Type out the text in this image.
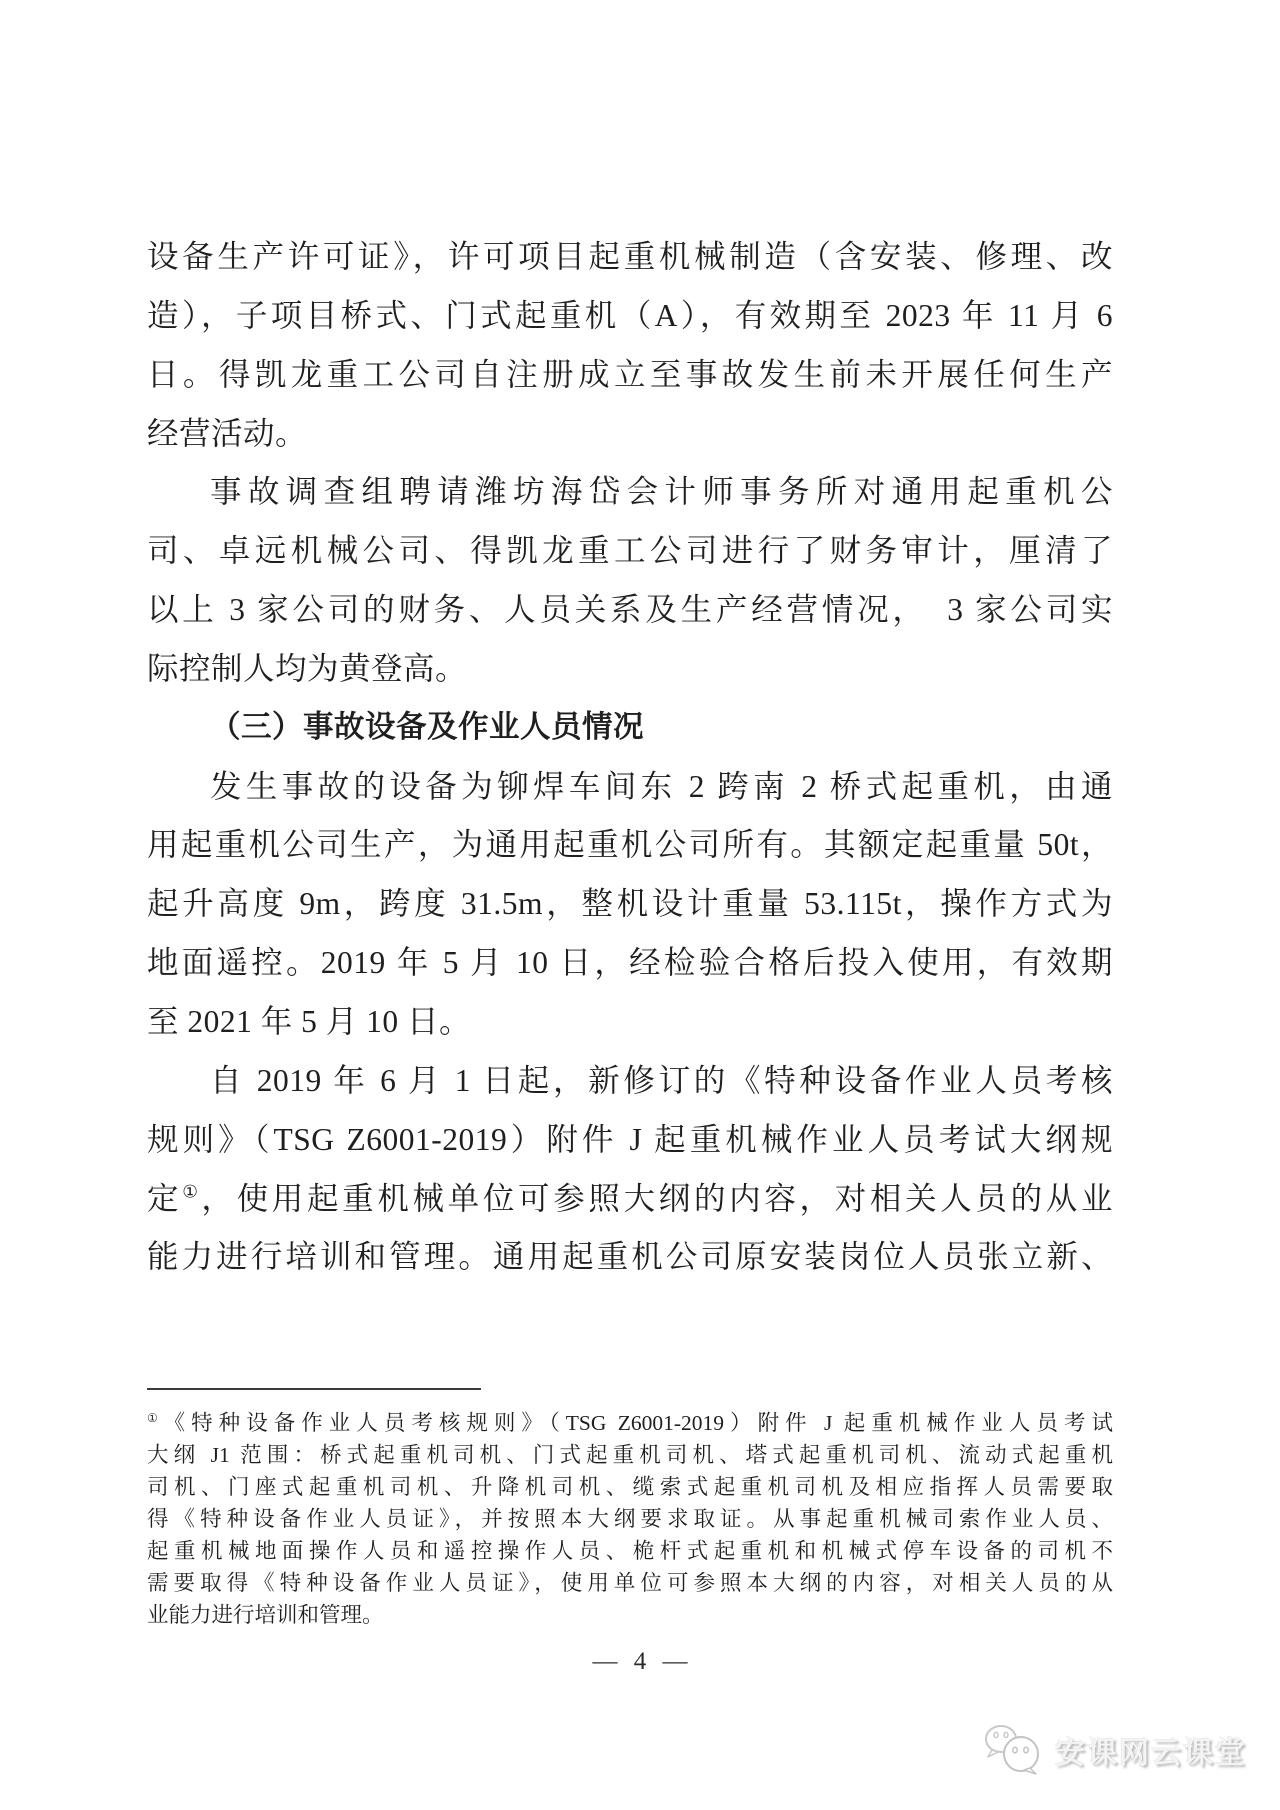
设备生产许可证》，许可项目起重机械制造（含安装、修理、改
造），子项目桥式、门式起重机（A），有效期至 2023 年 11 月 6
日。得凯龙重工公司自注册成立至事故发生前未开展任何生产
经营活动。
事故调查组聘请潍坊海岱会计师事务所对通用起重机公
司、卓远机械公司、得凯龙重工公司进行了财务审计，厘清了
以上 3 家公司的财务、人员关系及生产经营情况，　3 家公司实
际控制人均为黄登高。
（三）事故设备及作业人员情况
发生事故的设备为铆焊车间东 2 跨南 2 桥式起重机，由通
用起重机公司生产，为通用起重机公司所有。其额定起重量 50t，
起升高度 9m，跨度 31.5m，整机设计重量 53.115t，操作方式为
地面遥控。2019 年 5 月 10 日，经检验合格后投入使用，有效期
至 2021 年 5 月 10 日。
自 2019 年 6 月 1 日起，新修订的《特种设备作业人员考核
规则》（TSG Z6001-2019）附件 J 起重机械作业人员考试大纲规
定①，使用起重机械单位可参照大纲的内容，对相关人员的从业
能力进行培训和管理。通用起重机公司原安装岗位人员张立新、
①《特种设备作业人员考核规则》（TSG Z6001-2019）附件 J 起重机械作业人员考试
大纲 J1 范围：桥式起重机司机、门式起重机司机、塔式起重机司机、流动式起重机
司机、门座式起重机司机、升降机司机、缆索式起重机司机及相应指挥人员需要取
得《特种设备作业人员证》，并按照本大纲要求取证。从事起重机械司索作业人员、
起重机械地面操作人员和遥控操作人员、桅杆式起重机和机械式停车设备的司机不
需要取得《特种设备作业人员证》，使用单位可参照本大纲的内容，对相关人员的从
业能力进行培训和管理。
— 4 —
安课网云课堂
